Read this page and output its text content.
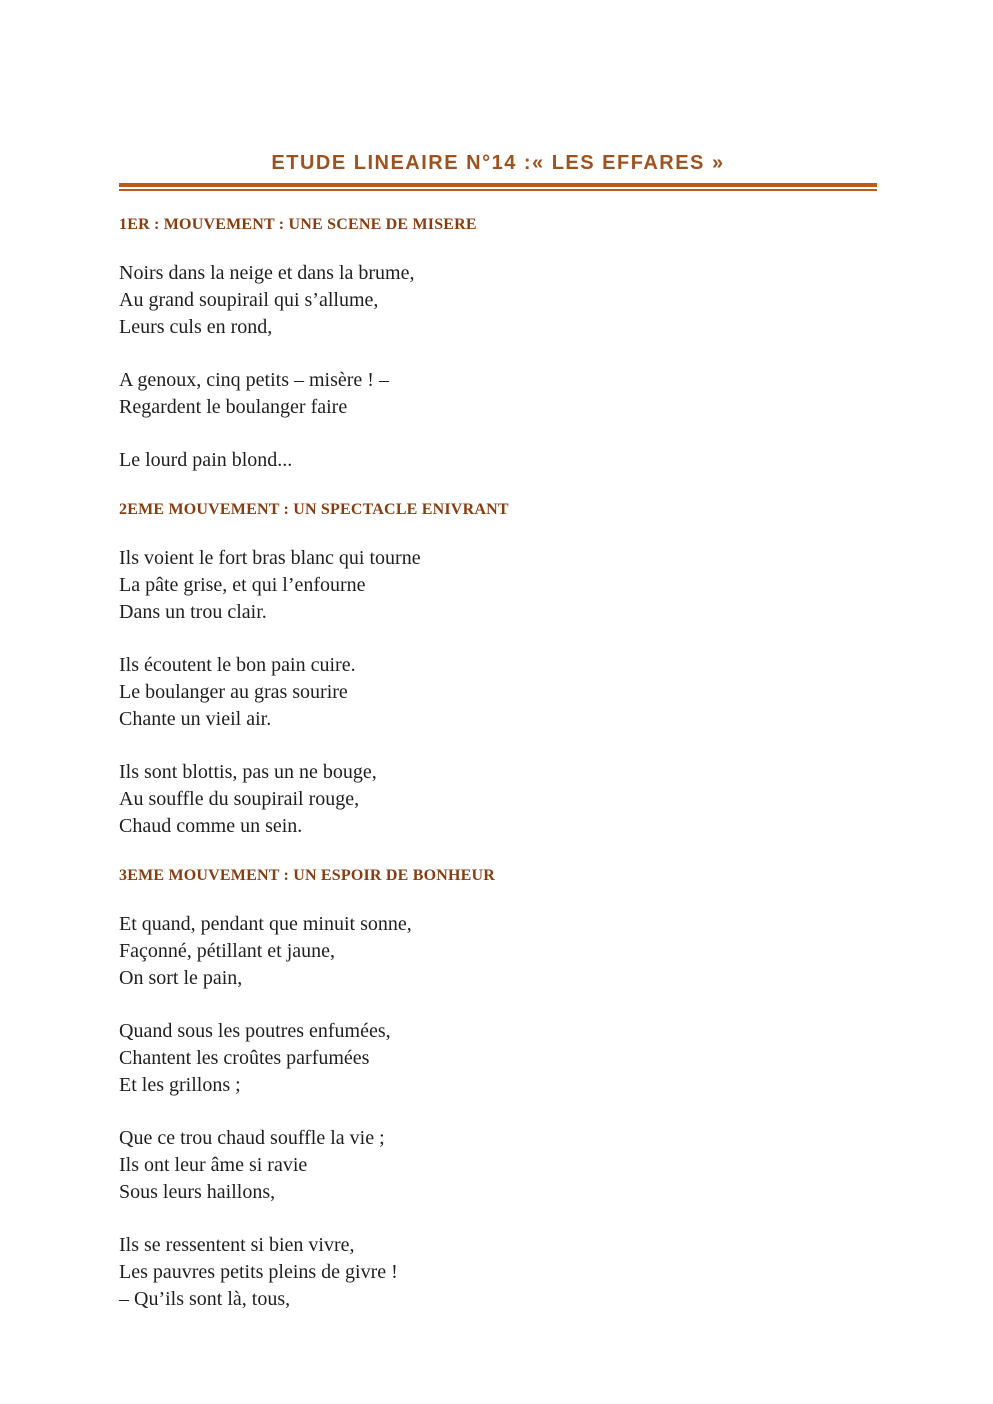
ETUDE LINEAIRE N°14 :« LES EFFARES »
1ER : MOUVEMENT : UNE SCENE DE MISERE

Noirs dans la neige et dans la brume,
Au grand soupirail qui s’allume,
Leurs culs en rond,

A genoux, cinq petits – misère ! –
Regardent le boulanger faire

Le lourd pain blond...

2EME MOUVEMENT : UN SPECTACLE ENIVRANT

Ils voient le fort bras blanc qui tourne
La pâte grise, et qui l’enfourne
Dans un trou clair.

Ils écoutent le bon pain cuire.
Le boulanger au gras sourire
Chante un vieil air.

Ils sont blottis, pas un ne bouge,
Au souffle du soupirail rouge,
Chaud comme un sein.

3EME MOUVEMENT : UN ESPOIR DE BONHEUR

Et quand, pendant que minuit sonne,
Façonné, pétillant et jaune,
On sort le pain,

Quand sous les poutres enfumées,
Chantent les croûtes parfumées
Et les grillons ;

Que ce trou chaud souffle la vie ;
Ils ont leur âme si ravie
Sous leurs haillons,

Ils se ressentent si bien vivre,
Les pauvres petits pleins de givre !
– Qu’ils sont là, tous,
